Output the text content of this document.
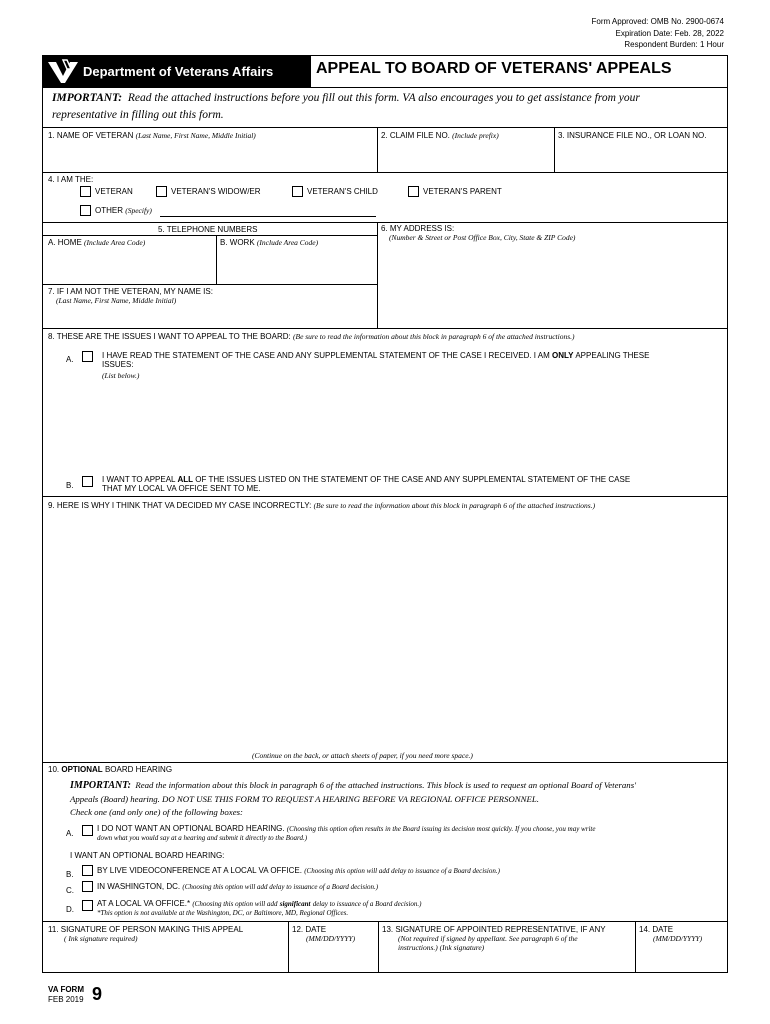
Form Approved: OMB No. 2900-0674
Expiration Date: Feb. 28, 2022
Respondent Burden: 1 Hour
Department of Veterans Affairs	APPEAL TO BOARD OF VETERANS' APPEALS
IMPORTANT: Read the attached instructions before you fill out this form. VA also encourages you to get assistance from your
representative in filling out this form.
1. NAME OF VETERAN (Last Name, First Name, Middle Initial)	2. CLAIM FILE NO. (Include prefix)	3. INSURANCE FILE NO., OR LOAN NO.
4. I AM THE:
VETERAN	VETERAN'S WIDOW/ER	VETERAN'S CHILD	VETERAN'S PARENT
OTHER (Specify)
5. TELEPHONE NUMBERS
A. HOME (Include Area Code)	B. WORK (Include Area Code)
6. MY ADDRESS IS:
(Number & Street or Post Office Box, City, State & ZIP Code)
7. IF I AM NOT THE VETERAN, MY NAME IS:
(Last Name, First Name, Middle Initial)
8. THESE ARE THE ISSUES I WANT TO APPEAL TO THE BOARD: (Be sure to read the information about this block in paragraph 6 of the attached instructions.)
A.	I HAVE READ THE STATEMENT OF THE CASE AND ANY SUPPLEMENTAL STATEMENT OF THE CASE I RECEIVED. I AM ONLY APPEALING THESE
ISSUES:
(List below.)
B.
I WANT TO APPEAL ALL OF THE ISSUES LISTED ON THE STATEMENT OF THE CASE AND ANY SUPPLEMENTAL STATEMENT OF THE CASE
THAT MY LOCAL VA OFFICE SENT TO ME.
9. HERE IS WHY I THINK THAT VA DECIDED MY CASE INCORRECTLY: (Be sure to read the information about this block in paragraph 6 of the attached instructions.)
(Continue on the back, or attach sheets of paper, if you need more space.)
10. OPTIONAL BOARD HEARING
IMPORTANT: Read the information about this block in paragraph 6 of the attached instructions. This block is used to request an optional Board of Veterans'
Appeals (Board) hearing. DO NOT USE THIS FORM TO REQUEST A HEARING BEFORE VA REGIONAL OFFICE PERSONNEL.
Check one (and only one) of the following boxes:
A.
I DO NOT WANT AN OPTIONAL BOARD HEARING. (Choosing this option often results in the Board issuing its decision most quickly. If you choose, you may write
down what you would say at a hearing and submit it directly to the Board.)
I WANT AN OPTIONAL BOARD HEARING:
B.	BY LIVE VIDEOCONFERENCE AT A LOCAL VA OFFICE. (Choosing this option will add delay to issuance of a Board decision.)
C.	IN WASHINGTON, DC. (Choosing this option will add delay to issuance of a Board decision.)
D.
AT A LOCAL VA OFFICE.* (Choosing this option will add significant delay to issuance of a Board decision.)
*This option is not available at the Washington, DC, or Baltimore, MD, Regional Offices.
11. SIGNATURE OF PERSON MAKING THIS APPEAL
( Ink signature required)
12. DATE
(MM/DD/YYYY)
13. SIGNATURE OF APPOINTED REPRESENTATIVE, IF ANY
(Not required if signed by appellant. See paragraph 6 of the
instructions.) (Ink signature)
14. DATE
(MM/DD/YYYY)
VA FORM
FEB 2019 9
